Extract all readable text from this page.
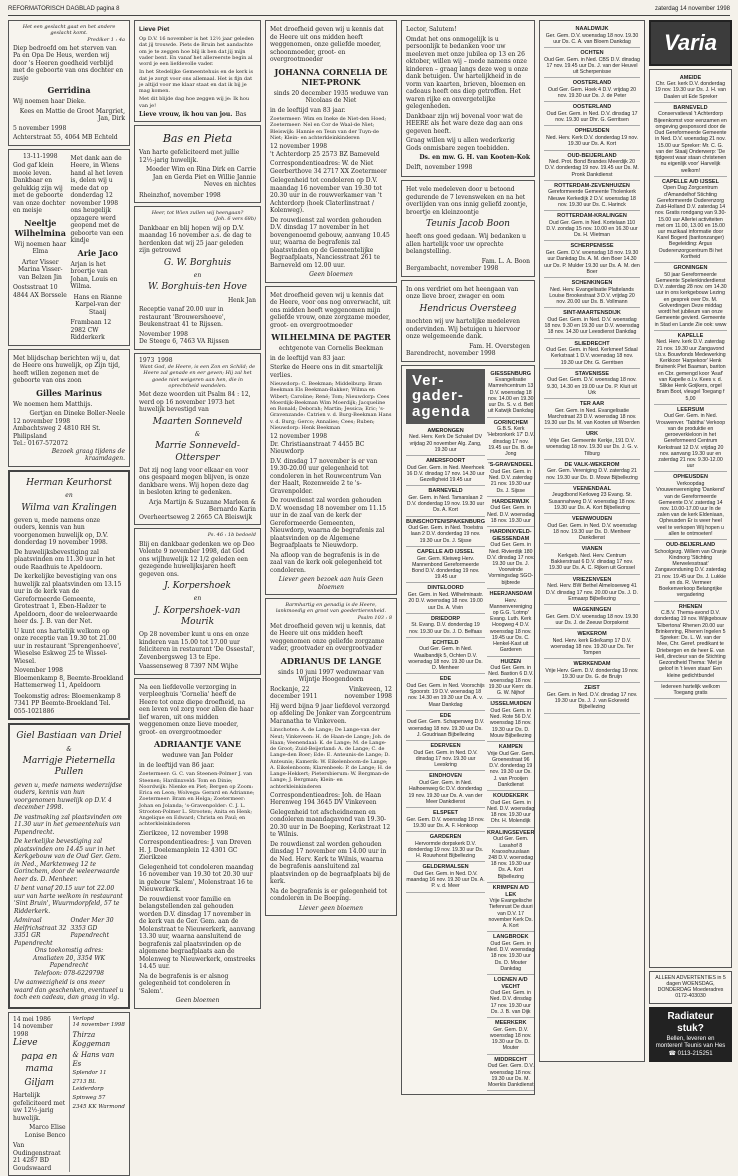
REFORMATORISCH DAGBLAD pagina 8	zaterdag 14 november 1998
Het een geslacht gaat en het andere geslacht komt.
Prediker 1 : 4a
Diep bedroefd om het sterven van Pa en Opa De Heus, werden wij door 's Heeren goedheid verblijd met de geboorte van ons dochter en zusje
Gerridina
Wij noemen haar Dieke.
Kees en Mattie de Groot Margriet, Jan, Dirk
5 november 1998
Achterstraat 55, 4064 MB Echteld
13-11-1998
God gaf klein mooie leven. Dankbaar en gelukkig zijn wij met de geboorte van onze dochter en meisje
Neeltje Wilhelmina
Wij noemen haar Elma
Arter Visser Marina Visser-van Belzen Jin
Oostsstraat 10 4844 AX Borssele
Met dank aan de Heere, in Wiens hand al het leven is, delen wij u mede dat op donderdag 12 november 1998 ons heugelijk opzagere werd geopend met de geboorte van een kindje
Arie Jaco
Arjan is het broertje van Johan, Louis en Wilma.
Hans en Rianne Karpel-van der Staaij
Frambaan 12 2982 CW Ridderkerk
Met blijdschap berichten wij u, dat de Heere ons huwelijk, op Zijn tijd, heeft willen zegenen met de geboorte van ons zoon
Gilles Marinus
We noemen hem Matthijs.
Gertjan en Dineke Boller-Neele
12 november 1998
Ambachtsweg 2 4810 RH St. Philipsland
Tel.: 0167-572072
Bezoek graag tijdens de kraamdagen.
Herman Keurhorst
en
Wilma van Kralingen
geven u, mede namens onze ouders, kennis van hun voorgenomen huwelijk op, D.V. donderdag 19 november 1998.
De huwelijksbevestiging zal plaatsvinden om 11.30 uur in het oude Raadhuis te Apeldoorn.
De kerkelijke bevestiging van ons huwelijk zal plaatsvinden om 13.15 uur in de kerk van de Gereformeerde Gemeente, Grotestraat 1, Eben-Haëzer te Apeldoorn, door de weleerwaarde heer ds. J. B. van der Net.
U kunt ons hartelijk welkom op onze receptie van 19.30 tot 21.00 uur in restaurant 'Sprengenhoeve', Wieselse Eskweg 25 te Wissel-Wiesel.
November 1998
Bloemenkamp 8, Beemte-Broekland
Hattemerweg 11, Apeldoorn
Toekomstig adres: Bloemenkamp 8 7341 PP Beemte-Broekland Tel. 055-1021886
Giel Bastiaan van Driel
&
Marrigje Pieternella Pullen
geven u, mede namens wederzijdse ouders, kennis van hun voorgenomen huwelijk op D.V. 4 december 1998.
De vastmaking zal plaatsvinden om 11.30 uur in het gemeentehuis van Papendrecht.
De kerkelijke bevestiging zal plaatsvinden om 14.45 uur in het Kerkgebouw van de Oud Ger. Gem. in Ned., Marktenweg 12 te Gorinchem, door de weleerwaarde heer ds. D. Menheer.
U bent vanaf 20.15 uur tot 22.00 uur van harte welkom in restaurant 'Sint Bruin', Wuurmdorpfeld, 57 te Ridderkerk.
Admiraal Helfrichstraat 32 3351 GR Papendrecht
Onder Mer 30 3353 GD Papendrecht
Ons toekomstig adres:
Amaliaten 20, 3354 WK Papendrecht
Telefoon: 078-6229798
Uw aanwezigheid is ons meer waard dan geschenken, eventueel u toch een cadeau, dan graag in vlg.
14 mei 1986
14 november 1998
Lieve
papa en mama
Giljam
Hartelijk gefeliciteerd met uw 12½-jarig huwelijk.
Marco Elise Lonise Benco
Van Oudingenstraat 21 4287 BD Goudswaard
Verlopd
14 november 1998
Thirza Koggeman
& Hans van Es
Splendor 11
2713 BL Leiderdorp
Spinweg 57
2345 KK Warmond
Lieve Piet
Op D.V. 16 november is het 12½ jaar geleden dat jij trouwde. Piets de Bruin het aandachte om je te zeggen hoe blij ik ben dat jij mijn vader bent. En vanaf het allereerste begin al word je een liefdevolle vader.
In het Stedelijke Gemeentehuis en de kerk is dat je zorgt voor ons allemaal. Het is fijn dat je altijd voor me klaar staat en dat ik bij je mag komen.
Met dit blijde dag hoe zeggen wij je: Ik hou van je!
Lieve vrouw, ik hou van jou. Bas
Bas en Pieta
Van harte gefeliciteerd met jullie 12½-jarig huwelijk.
Moeder Wim en Rina Dirk en Carrie Jan en Gerda Piet en Willie Jannie Neves en nichtes
Rheinzhof, november 1998
Heer, tot Wien zullen wij heengaan?
(Joh. 6 vers 68b)
Dankbaar en blij hopen wij op D.V. maandag 16 november a.s. de dag te herdenken dat wij 25 jaar geleden zijn getrouwd
G. W. Borghuis
en
W. Borghuis-ten Hove
Henk Jan
Receptie vanaf 20.00 uur in restaurant 'Brouwershoeve', Beukenstraat 41 te Rijssen.
November 1998
De Steege 6, 7463 VA Rijssen
1973 1998
Want God, de Heere, is een Zon en Schild; de Heere zal genade en eer geven; Hij zal het goede niet weigeren aan hen, die in oprechtheid wandelen.
Met deze woorden uit Psalm 84 : 12, werd op 16 november 1973 het huwelijk bevestigd van
Maarten Sonneveld
&
Marrie Sonneveld-Ottersper
Dat zij nog lang voor elkaar en voor ons gespaard mogen blijven, is onze dankbare wens. Wij hopen deze dag in besloten kring te gedenken.
Arja Martijn & Suzanne Marleen & Bernardo Karin
Overheertseweg 2 2665 CA Bleiswijk
Ps. 46 : 1b bedoeld
Blij en dankbaar gedenken we op Deo Volente 9 november 1998, dat God ons wijlhuwelijk 12 1/2 geleden een gezegende huwelijksjaren heeft gegeven ons.
J. Korpershoek
en
J. Korpershoek-van Mourik
Op 28 november kunt u ons en onze kinderen van 15.00 tot 17.00 uur feliciteren in restaurant 'De Ossestal', Zevenbergsweg 13 te Epe.
Vaassenseweg 8 7397 NM Wijhe
Na een liefdevolle verzorging in verpleeghuis 'Cornelia' heeft de Heere tot onze diepe droefheid, na een leven vol zorg voor allen die haar lief waren, uit ons midden weggenomen onze lieve moeder, groot- en overgrootmoeder
ADRIAANTJE VANE
weduwe van Jan Polder
in de leeftijd van 86 jaar.
Zoetermeer: G. C. van Steenen-Polmer J. van Steenen; Hardinxveld: Tom en Dinie; Noordwijk: Nienke en Piet; Bergen op Zoom: Erica en Leon; Wolvega: Gerard en Adrianne; Zoetermeer: Bram en Helga; Zoetermeer: Johan en Jolanda; 's-Gravenpolder: C. J. L. Strooten-Polmer L. Strooten; Anita en Henk; Angelique en Edward; Christa en Paul; en achterkleinkinderen
Zierikzee, 12 november 1998
Correspondentieadres: J. van Dreven H. J. Doelemanplein 12 4301 GC Zierikzee
Gelegenheid tot condoleren maandag 16 november van 19.30 tot 20.30 uur in gebouw 'Salem', Molenstraat 16 te Nieuwerkerk.
De rouwdienst voor familie en belangstellenden zal gehouden worden D.V. dinsdag 17 november in de kerk van de Ger. Gem. aan de Molenstraat te Nieuwerkerk, aanvang 13.30 uur, waarna aansluitend de begrafenis zal plaatsvinden op de algemene begraafplaats aan de Molenweg te Nieuwerkerk, omstreeks 14.45 uur.
Na de begrafenis is er alsnog gelegenheid tot condoleren in 'Salem'.
Geen bloemen
Met droefheid geven wij u kennis dat de Heere uit ons midden heeft weggenomen, onze geliefde moeder, schoonmoeder, groot- en overgrootmoeder
JOHANNA CORNELIA DE NIET-PRONK
sinds 20 december 1935 weduwe van Nicolaas de Niet
in de leeftijd van 83 jaar.
Zoetermeer: Wim en Ineke de Niet-den Hoed; Zoetermeer: Nel en Cor de Waal-de Niet; Bleiswijk: Hannie en Teun van der Tuyn-de Niet; Klein- en achterkleinkinderen
12 november 1998
't Achterdorp 25 2573 BZ Bameveld
Correspondentieadres: W. de Niet Geerberthove 34 2717 XX Zoetermeer
Gelegenheid tot condoleren op D.V. maandag 16 november van 19.30 tot 20.30 uur in de rouwverkamer van 't Achterdorp (hoek Claterlinstraat / Kolenweg).
De rouwdienst zal worden gehouden D.V. dinsdag 17 november in het bovengenoemd gebouw, aanvang 10.45 uur, waarna de begrafenis zal plaatsvinden op de Gemeentelijke Begraafplaats, Nanciesstraat 261 te Barneveld om 12.00 uur.
Geen bloemen
Met droefheid geven wij u kennis dat de Heere, voor ons nog onverwacht, uit ons midden heeft weggenomen mijn geliefde vrouw, onze zorgzame moeder, groot- en overgrootmoeder
WILHELMINA DE PAGTER
echtgenote van Cornelis Beekman
in de leeftijd van 83 jaar.
Sterke de Heere ons in dit smartelijk verlies.
Nieuwdorp: C. Beekman; Middelburg: Bram Beekman Els Beekman-Bakker; Wilma en Wibert; Caroline; René; Tom; Nieuwdorp: Cees Moerdijk-Beekman Wim Moerdijk; Jacqueline en Ronald; Deborah; Martin; Jessica; Eric; 's-Gravenzande: Catrien v. d. Burg-Beekman Hans v. d. Burg; Gerco; Annalies; Cees; Ruben; Nieuwdorp: Henk Beekman
12 november 1998
Dr. Christiaanstraat 7 4455 BC Nieuwdorp
D.V. dinsdag 17 november is er van 19.30-20.00 uur gelegenheid tot condoleren in het Rouwcentrum Van der Haalt, Rozenweide 2 te 's-Gravenpolder.
De rouwdienst zal worden gehouden D.V. woensdag 18 november om 11.15 uur in de zaal van de kerk der Gereformeerde Gemeenten, Nieuwdorp, waarna de begrafenis zal plaatsvinden op de Algemene Begraafplaats te Nieuwdorp.
Na afloop van de begrafenis is in de zaal van de kerk ook gelegenheid tot condoleren.
Liever geen bezoek aan huis Geen bloemen
Barmhartig en genadig is de Heere, lankmoedig en groot van goedertierenheid.
Psalm 103 : 8
Met droefheid geven wij u kennis, dat de Heere uit ons midden heeft weggenomen onze geliefde zorgzame vader, grootvader en overgrootvader
ADRIANUS DE LANGE
sinds 10 juni 1997 weduwnaar van Wijntje Hoogendoorn
Rockanje, 22 december 1911
Vinkeveen, 12 november 1998
Hij werd bijna 9 jaar liefdevol verzorgd op afdeling De Jonker van Zorgcentrum Maranatha te Vinkeveen.
Linschoten: A. de Lange; De Lange-van der Neut; Vinkeveen: H. de Haan-de Lange; Joh. de Haan; Veenendaal: K. de Lange; M. de Lange-de Groot; Zuid-Beijerland: A. de Lange; C. de Lange-den Boer; Ede: E. Anteunis-de Lange; D. Anteunis; Kamerik: W. Eikelenboom-de Lange; A. Eikelenboom; Klarenbeek: P. de Lange; H. de Lange-Hekkert; Pietersbierum: W. Bergman-de Lange; J. Bergman; Klein- en achterkleinkinderen
Correspondentieadres: Joh. de Haan Herenweg 194 3645 DV Vinkeveen
Gelegenheid tot afscheidnemen en condoleren maandagavond van 19.30-20.30 uur in De Boeping, Kerkstraat 12 te Wilnis.
De rouwdienst zal worden gehouden dinsdag 17 november om 14.00 uur in de Ned. Herv. Kerk te Wilnis, waarna de begrafenis aansluitend zal plaatsvinden op de begraafplaats bij de kerk.
Na de begrafenis is er gelegenheid tot condoleren in De Boeping.
Liever geen bloemen
Lector, Salutem!
Omdat het ons onmogelijk is u persoonlijk te bedanken voor uw meeleven met onze jubilea op 13 en 26 oktober, willen wij – mede namens onze kinderen – graag langs deze weg u onze dank betuigen. Uw hartelijkheid in de vorm van kaarten, brieven, bloemen en cadeaus heeft ons diep getroffen. Het waren rijke en onvergetelijke gelegenheden.
Dankbaar zijn wij bovenal voor wat de HEERE als het ware deze dag aan ons gegeven heeft.
Graag willen wij u allen wederkerig Gods onmisbare zegen toebidden.
Ds. en mw. G. H. van Kooten-Kok
Delft, november 1998
Het vele medeleven door u betoond gedurende de 7 levensweken en na het overlijden van ons innig geliefd zoontje, broertje en kleinzoontje
Teunis Jacob Boon
heeft ons goed gedaan. Wij bedanken u allen hartelijk voor uw oprechte belangstelling.
Fam. L. A. Boon
Bergambacht, november 1998
In ons verdriet om het heengaan van onze lieve broer, zwager en oom
Hendricus Oversteeg
mochten wij uw hartelijke medeleven ondervinden. Wij betuigen u hiervoor onze welgemeende dank.
Fam. H. Overstegen
Barendrecht, november 1998
Ver-
gader-
agenda
AMERONGEN
Ned. Herv. Kerk De Schakel DV vrijdag 20 november Alg. Zang, 19.30 uur
AMERSFOORT
Oud Ger. Gem. in Ned. Meerhoek 16 D.V. dinsdag 17 nov. 14.30 uur Gezelligheid 19.45 uur
BARNEVELD
Ger. Gem. in Ned. Tamarslaan 2 D.V. donderdag 19 nov. 19.30 uur Ds. A. Kort
BUNSCHOTEN/SPAKENBURG
Oud Ger. Gem. in Ned. Troelstra laan 2 D.V. donderdag 19 nov. 19.30 uur Ds. J. Sijsse
CAPELLE A/D IJSSEL
Ger. Gem. Kleiweg Herv. Mannenbond Gereformeerde Bond D.V. donderdag 19 nov. 19.45 uur
DINTELOORD
Ger. Gem. in Ned. Wilhelminastr. 20 D.V. woensdag 18 nov. 19.00 uur Ds. A. Vivin
DRIEDORP
St. Evang. D.V. donderdag 19 nov. 19.30 uur Ds. J. D. Belfaas
ECHTELD
Oud Ger. Gem. in Ned. Waalbandijk 5, Ochten D.V. woensdag 18 nov. 19.30 uur Ds. D. Menheer
EDE
Oud Ger. Gem. in Ned. Voorschijs Spoorstr. 19 D.V. woensdag 18 nov. 14.30 en 19.30 uur Ds. A. v. Maar Dankdag
EDE
Oud Ger. Gem. Schapenweg D.V. woensdag 18 nov. 19.30 uur Ds. J. Goudriaan Bijbellezing
EDERVEEN
Oud Ger. Gem. in Ned. D.V. dinsdag 17 nov. 19.30 uur Leeskring
EINDHOVEN
Oud Ger. Gem. in Ned. Halhoenweg 6c D.V. donderdag 19 nov. 19.30 uur Ds. A. van der Meer Dankdienst
ELSPEET
Ger. Gem. D.V. woensdag 18 nov. 19.30 uur Ds. A. F. Honkoop
GARDEREN
Hervormde dorpskerk D.V. donderdag 19 nov. 19.30 uur Ds. H. Rouwhorst Bijbellezing
GELDERMALSEN
Oud Ger. Gem. in Ned. D.V. maandag 16 nov. 19.30 uur Ds. A. P. v. d. Meer
GIESSENBURG
Evangelisatie Mamrehcentrum 13 D.V. woensdag 18 nov. 14.00 en 19.30 uur Ds. S. v. d. Belt uit Katwijk Dankdag
GORINCHEM
G.B.S. Kerk 'Hebronkerk 17' D.V. dinsdag 17 nov. 19.45 uur Ds. B. de Jong
'S-GRAVENDEEL
Oud Ger. Gem. in Ned. D.V. zaterdag 21 nov. 19.30 uur Ds. J. Sijsse
HARDERWIJK
Oud Ger. Gem. in Ned. D.V. woensdag 18 nov. 19.30 uur
HARDINXVELD-GIESSENDAM
Oud Ger. Gem. in Ned. Rivierdijk 180 D.V. dinsdag 17 nov. 19.30 uur Ds. J. Voorwinde Vormingsdag SGO-bijbrede
HEERJANSDAM
Herv. Mannenvereniging op G.G. 'Lotmp' Evang. Luth. Kerk Hoogweg 4 D.V. woensdag 18 nov. 19.45 uur Ds. C. Henkel-Kast uit Garderen
HUIZEN
Oud Ger. Gem. in Ned. Bastion 6 D.V. woensdag 18 nov. 19.30 uur Kern: ds. G. W. Nijhof
IJSSELMUIDEN
Oud Ger. Gem. in Ned. Rote 56 D.V. woensdag 18 nov. 19.30 uur Ds. D. Mouw Bijbellezing
KAMPEN
Vrije Oud Ger. Gem. Groenestraat 96 D.V. donderdag 19 nov. 19.30 uur Ds. J. van Prooijen Dankdienst
KOUDEKERK
Oud Ger. Gem. in Ned. D.V. woensdag 18 nov. 19.30 uur Dhr. H. Molendijk
KRALINGSEVEER
Oud Ger. Gem. Lasahof 8 Kraosohuuslaan 248 D.V. woensdag 18 nov. 19.30 uur Ds. A. Kort Bijbellezing
KRIMPEN A/D LEK
Vrije Evangelische Tiefenrust De duuri van D.V. 17 november Kerk Ds. A. Kort
LANGBROEK
Oud Ger. Gem. in Ned. D.V. woensdag 18 nov. 19.30 uur Ds. D. Mouter Dankdag
LOENEN A/D VECHT
Oud Ger. Gem. in Ned. D.V. dinsdag 17 nov. 19.30 uur Ds. J. B. van Dijk
MEERKERK
Ger. Gem. D.V. woensdag 18 nov. 19.30 uur Ds. D. Mouter
MIDDRECHT
Oud Ger. Gem. D.V. woensdag 18 nov. 19.30 uur Ds. M. Moerkis Dankdienst
NAALDWIJK
Ger. Gem. D.V. woensdag 18 nov. 19.30 uur Ds. C. A. van Bloem Dankdag
OCHTEN
Oud Ger. Gem. in Ned. CBS D.V. dinsdag 17 nov. 19.45 uur Ds. J. van der Heuvel uit Scherpenisse
OOSTERLAND
Oud Ger. Gem. Hoek 4 D.V. vrijdag 20 nov. 19.30 uur Ds. J. de Peter
OOSTERLAND
Oud Ger. Gem. in Ned. D.V. dinsdag 17 nov. 19.30 uur Dhr. G. Gerritsen
OPHEUSDEN
Ned. Herv. Kerk D.V. donderdag 19 nov. 19.30 uur Ds. A. Kort
OUD-BEIJERLAND
Ned. Prot. Bond Brandes Meerdijk 20 D.V. donderdag 19 nov. 19.45 uur Ds. M. Pronk Dankdienst
ROTTERDAM-ZEVENHUIZEN
Gereformeerde Gemeente Tholenkerk Nieuwe Kerkedijk 2 D.V. woensdag 18 nov. 19.30 uur Ds. C. Harinck
ROTTERDAM-KRALINGEN
Oud Ger. Gem. in Ned. Kortelaan 110 D.V. zondag 15 nov. 10.00 en 16.30 uur Ds. H. Vlietman
SCHERPENISSE
Ger. Gem. D.V. woensdag 18 nov. 19.30 uur Dankdag Ds. A. M. den Boer 14.30 uur Ds. P. Mulder 19.30 uur Ds. A. M. den Boer
SCHENKINGEN
Ned. Herv. Evangelisatie Plattelands Louise Brookestraat 3 D.V. vrijdag 20 nov. 20.00 uur Ds. B. Vollmann
SINT-MAARTENSDIJK
Oud Ger. Gem. in Ned. D.V. woensdag 18 nov. 9.30 en 19.30 uur D.V. woensdag 18 nov. 14.30 uur Leesdienst Dankdag
SLIEDRECHT
Oud Ger. Gem. in Ned. Kerkmeef Sdaal Kerkstraat 1 D.V. woensdag 18 nov. 19.30 uur Dhr. G. Gerritsen
STAVENISSE
Oud Ger. Gem. D.V. woensdag 18 nov. 9.30, 14.30 en 19.00 uur Ds. P. Kluit uit Urk
TER AAR
Ger. Gem. in Ned. Evangelisatie Marchstraat 23 D.V. woensdag 18 nov. 19.30 uur Ds. M. van Kooten uit Woerden
URK
Vrije Ger. Gemeente Kerkje, 191 D.V. woensdag 18 nov. 19.30 uur Ds. J. G. v. Tilburg
DE VALK-WEKEROM
Ger. Gem. Vereniging D.V. zaterdag 21 nov. 19.30 uur Ds. D. Mouw Bijbellezing
VEENENDAAL
Jeugdbond Kerkweg 23 Evang. St. Susannahweg D.V. woensdag 18 nov. 19.30 uur Ds. A. Kort Bijbellezing
VEENWOUDEN
Oud Ger. Gem. in Ned. D.V. woensdag 18 nov. 19.30 uur Ds. D. Menheer Dankdienst
VIANEN
Kerkgeb. Ned. Herv. Centrum Bakkerstraat 6 D.V. dinsdag 17 nov. 19.30 uur Ds. A. C. Rijken uit Gorssel
VRIEZENVEEN
Ned. Herv. BW Bethel Almeloseweg 41 D.V. dinsdag 17 nov. 20.00 uur Ds. J. D. Ermaarp Bijbellezing
WAGENINGEN
Ger. Gem. D.V. woensdag 18 nov. 19.30 uur Ds. J. de Zeeuw Dorpskerst
WEKEROM
Ned. Herv. kerk Ede/kamp 17 D.V. woensdag 18 nov. 19.30 uur Ds. Ter Tompen
WERKENDAM
Vrije Herv. Gem. D.V. donderdag 19 nov. 19.30 uur Ds. G. de Bruijn
ZEIST
Ger. Gem. in Ned. D.V. dinsdag 17 nov. 19.30 uur Ds. J. J. van Eckeveld Bijbellezing
Varia
AMEIDE
Chr. Ger. kerk D.V. donderdag 19 nov. 19.30 uur Ds. J. H. van Daalen uit Ede Spreker
BARNEVELD
Conservatieval 't Achterdorp Bijeenkomst voor eenzamen en omgeving gesponsord door de Oud Gereformeerde Gemeente in Ned. D.V. woensdag 21 nov. 15.00 uur Spreker: Mr. C. G. van der Staaij Onderwerp: 'De tijdgeest waar staan christenen nu eigenlijk voor' Harvelijk welkom!
CAPELLE A/D IJSSEL
Open Dag Zorgcentrum d'Amandelhof Stichting Gereformeerde Ouderenzorg Zuid-Holland D.V. zaterdag 14 nov. Gratis rondgang van 9.30-15.00 uur Allerlei activiteiten met om 11.00, 13.00 en 15.00 uur muzikaal informatie door Karel Bogerd (baritonzanger) Begeleiding: Argus Ouderenzorgcentrum Bi het Kortheid
GRONINGEN
50 jaar Gereformeerde Gemeente Spelenkinderdienst D.V. zaterdag 28 nov. om 14.30 uur in ons kerkgebouw Lezing en gesprek over Ds. M. Golverdingen Deze middag wordt het jubileum van onze Gemeente gevierd. Gemeente in Stad en Lande Zie ook: www
KAPELLE
Ned. Herv. kerk D.V. zaterdag 21 nov. 19.30 uur Zangavond t.b.v. Bouwfonds Medewerking Kerkkoor 'Harpekoor' Henk Bruinenk Piet Baaman, bariton en Cbr. gemengd koor 'Asaf' van Kapelle o.l.v. Kees v. d. Slikke Henk Goijkers, orgel Bram Boot, vleugel Toegang f 5,00
LEERSUM
Oud Ger. Gem. in Ned. Vrouwenver. 'Tabitha' Verkoop van de produktie en geroeverkieloon in het Gereformeerd Centrum Kerkstraat 12 D.V. vrijdag 20 nov. aanvang 19.30 uur en zaterdag 21 nov. 9.30-12.00 uur
OPHEUSDEN
Verkoopdag Vrouwenvereniging 'Dankend' van de Gereformeerde Gemeente D.V. zaterdag 14 nov. 10.00-17.00 uur In de zalen van de kerk Eldeniaan, Opheusden Er is weer heel veel te verkopen Wij hopen u allen te ontmoeten!
OUD-BEIJERLAND
Schoolgezg. Willem van Oranje Kindnorg 'Stichting Merwelesstraat' Zangavonduning D.V. zaterdag 21 nov. 19.45 uur Ds. J. Lukkie en ds. R. Vermeer Boekenverkoop Belangrijke vergadering
RHENEN
C.B.V. Thema-avond D.V. donderdag 19 nov. Wijkgebouw 'Elbertona' Rhenen 20.00 uur Brinkenring, Rhenen Ingelen 5 Spreker: Ds. L. W. van der Mee, Chr. Geref. predikant te Driebergen en de heer E. van Hell, directeur van de Stichting Gezondheid Thema: 'Met je geloof in 't leven staan' Een kleine gedichtbundel
Iedereen hartelijk welkom Toegang gratis
ALLEEN ADVERTENTIES in 5 dagen WOENSDAG, DONDERDAG Moederadres 0172-403030
Radiateur stuk?
Bellen, leveren en monteren! Teunis van Hes ☎ 0113-215251
